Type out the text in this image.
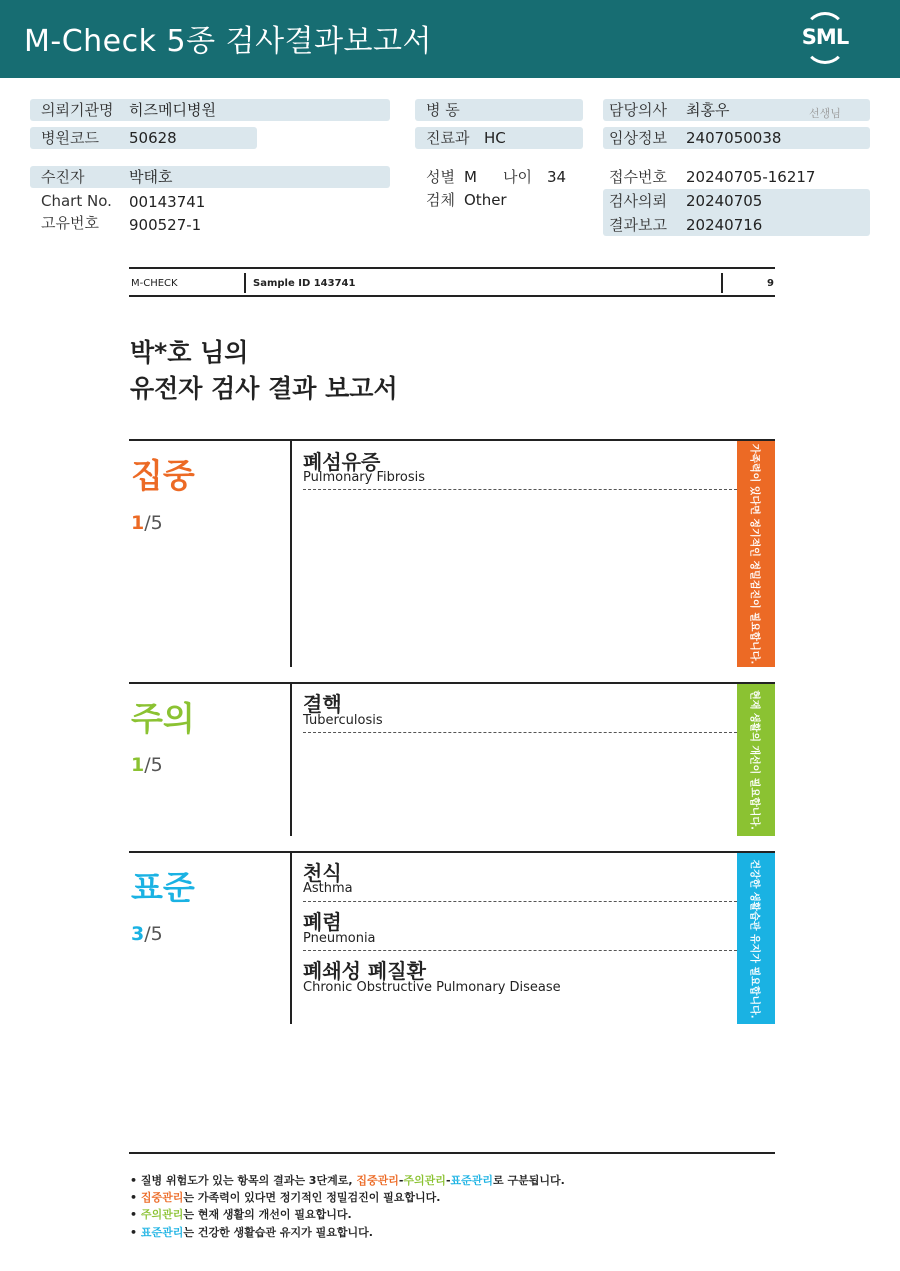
M-Check 5종 검사결과보고서	SML
의뢰기관명 히즈메디병원
병원코드 50628
병 동
진료과 HC
담당의사 최홍우	선생님
임상정보 2407050038
수진자	박태호
Chart No. 00143741
고유번호 900527-1
성별 M 나이 34
검체 Other
접수번호 20240705-16217
검사의뢰 20240705
결과보고 20240716
M-CHECK	Sample ID 143741	9
박*호 님의
유전자 검사 결과 보고서
집중
1/5
폐섬유증
Pulmonary Fibrosis	가족력이 있다면 정기적인 정밀검진이 필요합니다.
주의
1/5
결핵
Tuberculosis	현재 생활의 개선이 필요합니다.
표준
3/5
천식
Asthma
폐렴
Pneumonia
폐쇄성 폐질환
Chronic Obstructive Pulmonary Disease	건강한 생활습관 유지가 필요합니다.
• 질병 위험도가 있는 항목의 결과는 3단계로, 집중관리-주의관리-표준관리로 구분됩니다.
• 집중관리는 가족력이 있다면 정기적인 정밀검진이 필요합니다.
• 주의관리는 현재 생활의 개선이 필요합니다.
• 표준관리는 건강한 생활습관 유지가 필요합니다.
